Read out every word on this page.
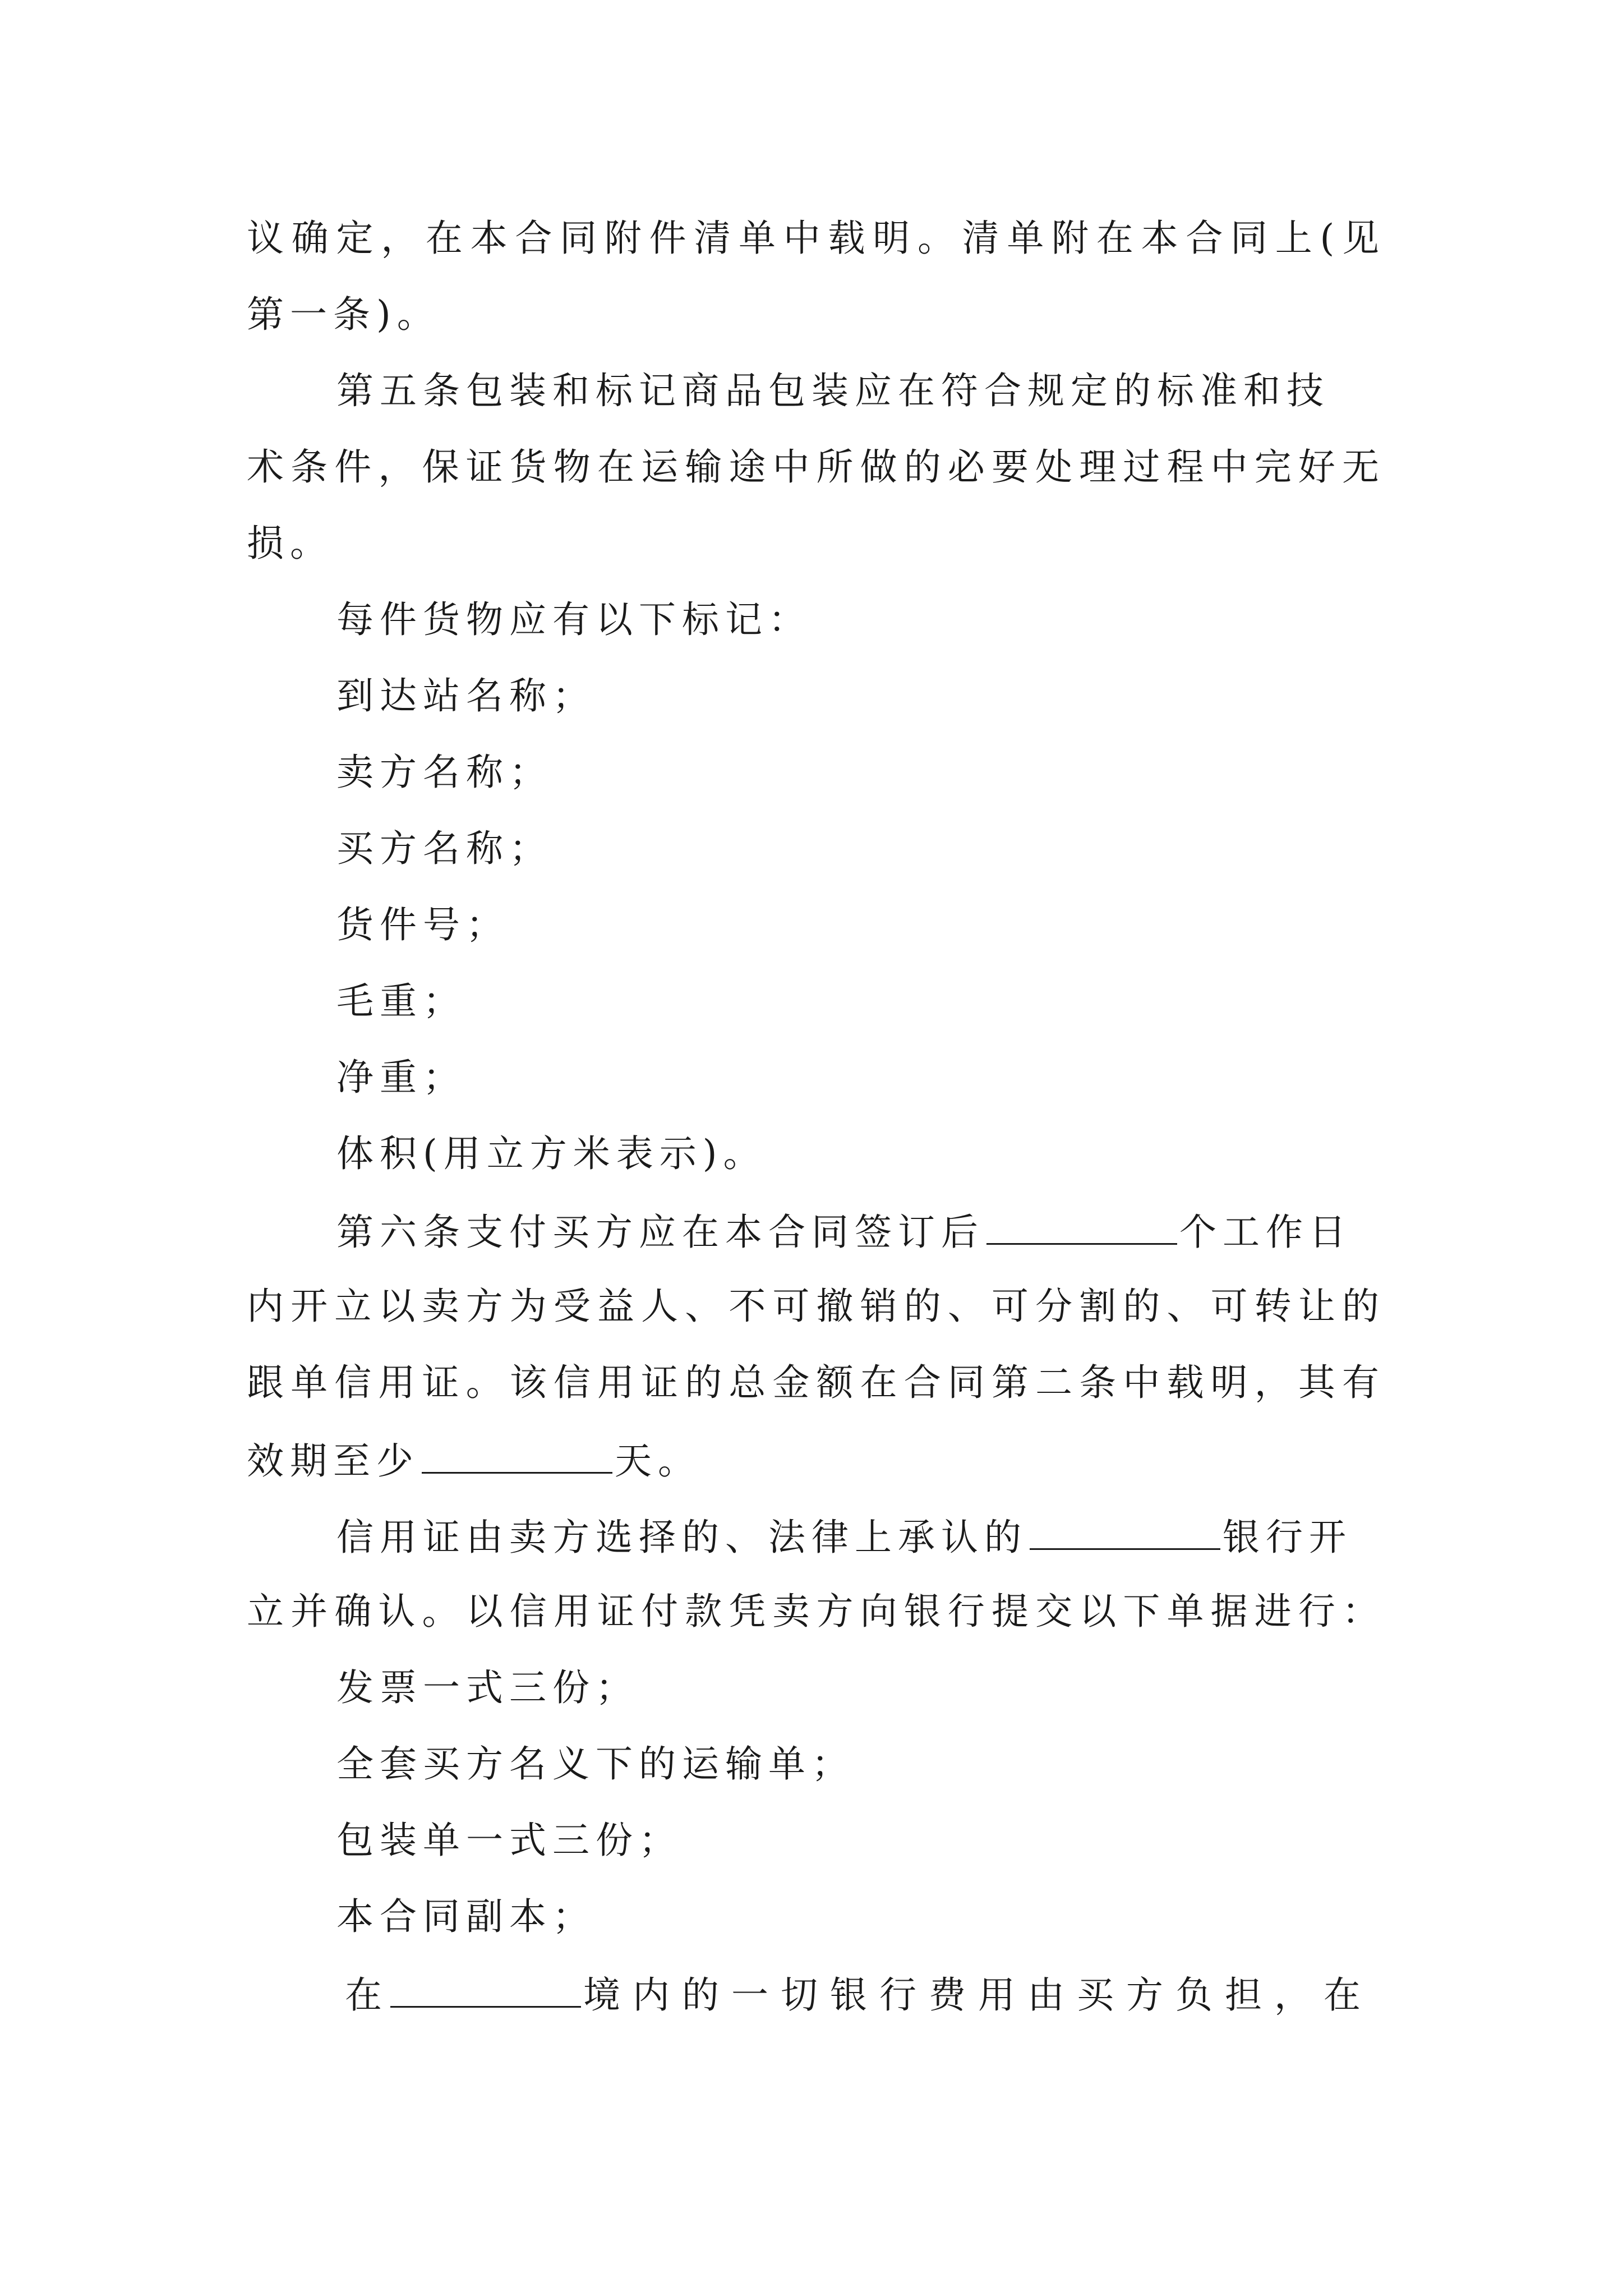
议确定，在本合同附件清单中载明。清单附在本合同上(见
第一条)。
第五条包装和标记商品包装应在符合规定的标准和技
术条件，保证货物在运输途中所做的必要处理过程中完好无
损。
每件货物应有以下标记：
到达站名称；
卖方名称；
买方名称；
货件号；
毛重；
净重；
体积(用立方米表示)。
第六条支付买方应在本合同签订后	个工作日
内开立以卖方为受益人、不可撤销的、可分割的、可转让的
跟单信用证。该信用证的总金额在合同第二条中载明，其有
效期至少	天。
信用证由卖方选择的、法律上承认的	银行开
立并确认。以信用证付款凭卖方向银行提交以下单据进行：
发票一式三份；
全套买方名义下的运输单；
包装单一式三份；
本合同副本；
在	境内的一切银行费用由买方负担，在
